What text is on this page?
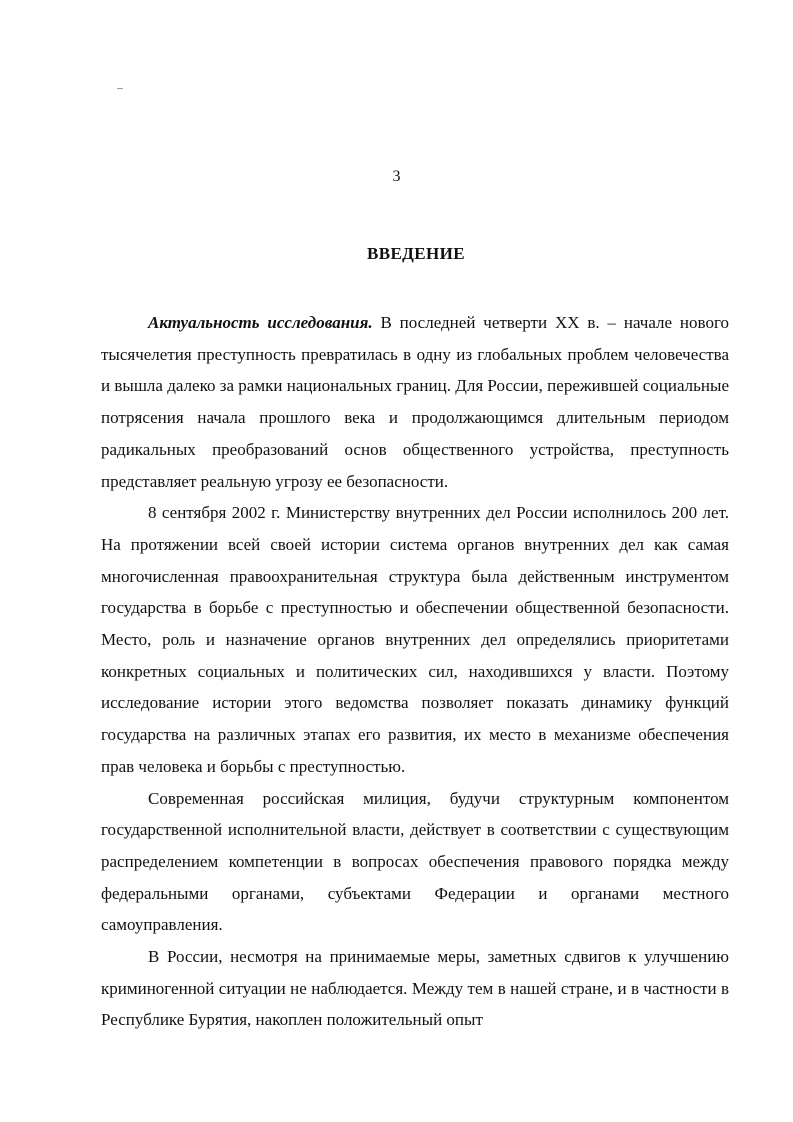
3
ВВЕДЕНИЕ

Актуальность исследования. В последней четверти XX в. – начале нового тысячелетия преступность превратилась в одну из глобальных проблем человечества и вышла далеко за рамки национальных границ. Для России, пережившей социальные потрясения начала прошлого века и продолжающимся длительным периодом радикальных преобразований основ общественного устройства, преступность представляет реальную угрозу ее безопасности.

8 сентября 2002 г. Министерству внутренних дел России исполнилось 200 лет. На протяжении всей своей истории система органов внутренних дел как самая многочисленная правоохранительная структура была действенным инструментом государства в борьбе с преступностью и обеспечении общественной безопасности. Место, роль и назначение органов внутренних дел определялись приоритетами конкретных социальных и политических сил, находившихся у власти. Поэтому исследование истории этого ведомства позволяет показать динамику функций государства на различных этапах его развития, их место в механизме обеспечения прав человека и борьбы с преступностью.

Современная российская милиция, будучи структурным компонентом государственной исполнительной власти, действует в соответствии с существующим распределением компетенции в вопросах обеспечения правового порядка между федеральными органами, субъектами Федерации и органами местного самоуправления.

В России, несмотря на принимаемые меры, заметных сдвигов к улучшению криминогенной ситуации не наблюдается. Между тем в нашей стране, и в частности в Республике Бурятия, накоплен положительный опыт
